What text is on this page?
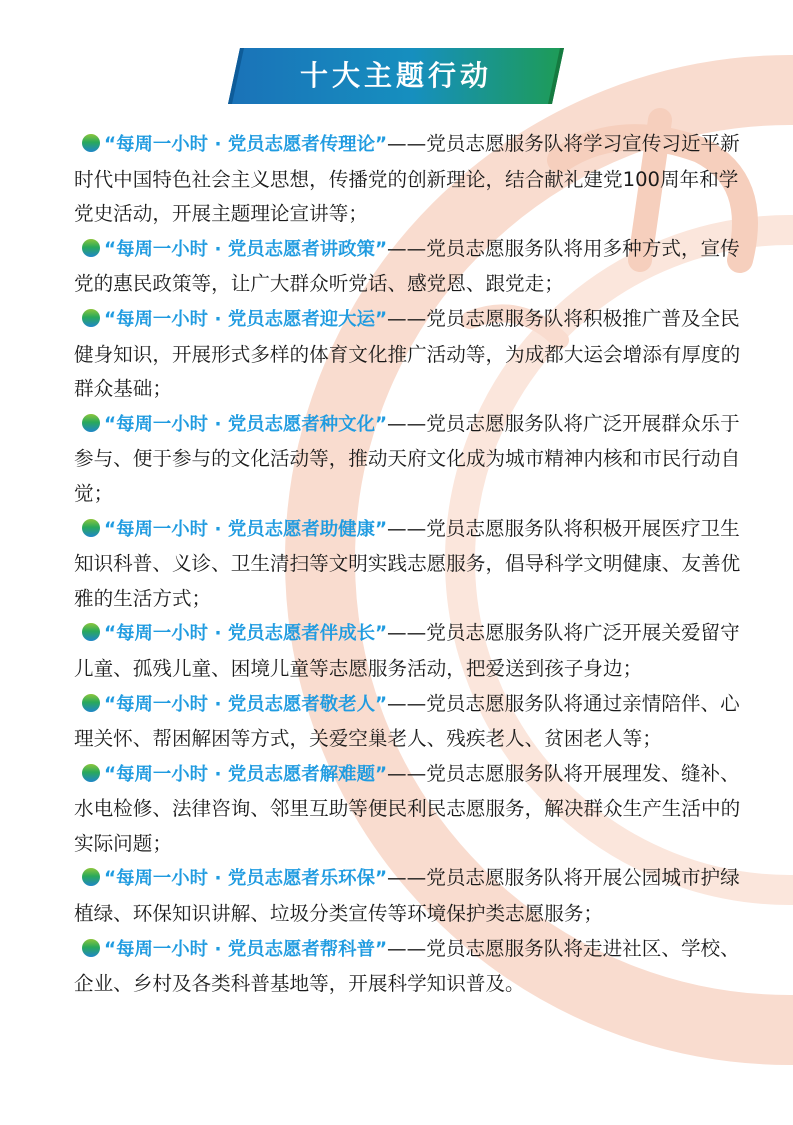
十大主题行动

“每周一小时 · 党员志愿者传理论”——党员志愿服务队将学习宣传习近平新时代中国特色社会主义思想，传播党的创新理论，结合献礼建党100周年和学党史活动，开展主题理论宣讲等；

“每周一小时 · 党员志愿者讲政策”——党员志愿服务队将用多种方式，宣传党的惠民政策等，让广大群众听党话、感党恩、跟党走；

“每周一小时 · 党员志愿者迎大运”——党员志愿服务队将积极推广普及全民健身知识，开展形式多样的体育文化推广活动等，为成都大运会增添有厚度的群众基础；

“每周一小时 · 党员志愿者种文化”——党员志愿服务队将广泛开展群众乐于参与、便于参与的文化活动等，推动天府文化成为城市精神内核和市民行动自觉；

“每周一小时 · 党员志愿者助健康”——党员志愿服务队将积极开展医疗卫生知识科普、义诊、卫生清扫等文明实践志愿服务，倡导科学文明健康、友善优雅的生活方式；

“每周一小时 · 党员志愿者伴成长”——党员志愿服务队将广泛开展关爱留守儿童、孤残儿童、困境儿童等志愿服务活动，把爱送到孩子身边；

“每周一小时 · 党员志愿者敬老人”——党员志愿服务队将通过亲情陪伴、心理关怀、帮困解困等方式，关爱空巢老人、残疾老人、贫困老人等；

“每周一小时 · 党员志愿者解难题”——党员志愿服务队将开展理发、缝补、水电检修、法律咨询、邻里互助等便民利民志愿服务，解决群众生产生活中的实际问题；

“每周一小时 · 党员志愿者乐环保”——党员志愿服务队将开展公园城市护绿植绿、环保知识讲解、垃圾分类宣传等环境保护类志愿服务；

“每周一小时 · 党员志愿者帮科普”——党员志愿服务队将走进社区、学校、企业、乡村及各类科普基地等，开展科学知识普及。
